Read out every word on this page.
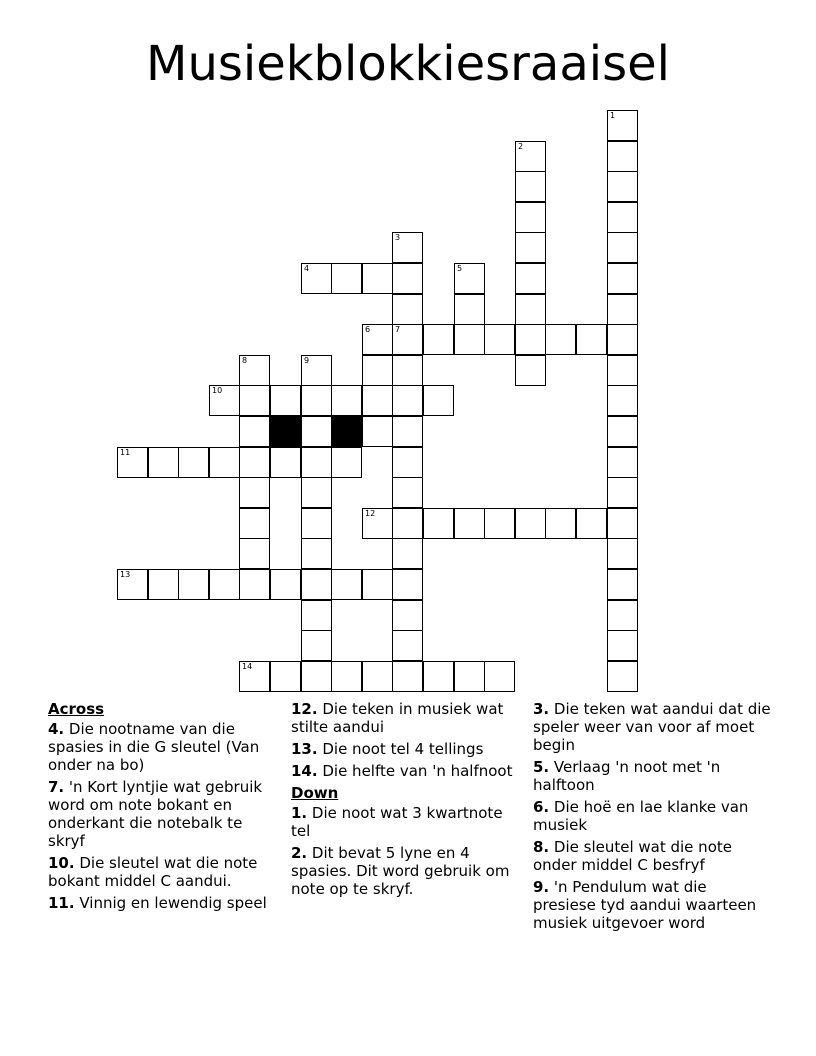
Musiekblokkiesraaisel
1
2
3
7
4	5
6
8	9
10
11
12
13
14
Across
4. Die nootname van die spasies in die G sleutel (Van onder na bo)
7. 'n Kort lyntjie wat gebruik word om note bokant en onderkant die notebalk te skryf
10. Die sleutel wat die note bokant middel C aandui.
11. Vinnig en lewendig speel
12. Die teken in musiek wat stilte aandui
13. Die noot tel 4 tellings
14. Die helfte van 'n halfnoot
Down
1. Die noot wat 3 kwartnote tel
2. Dit bevat 5 lyne en 4 spasies. Dit word gebruik om note op te skryf.
3. Die teken wat aandui dat die speler weer van voor af moet begin
5. Verlaag 'n noot met 'n halftoon
6. Die hoë en lae klanke van musiek
8. Die sleutel wat die note onder middel C besfryf
9. 'n Pendulum wat die presiese tyd aandui waarteen musiek uitgevoer word
